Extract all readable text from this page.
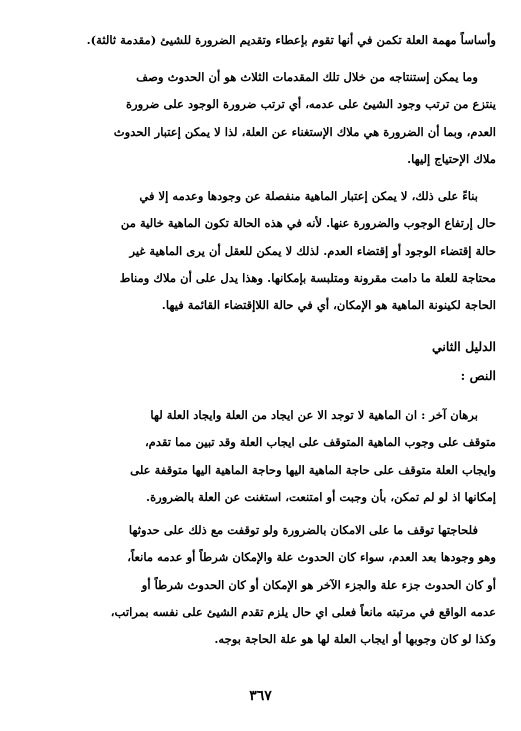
وأساساً مهمة العلة تكمن في أنها تقوم بإعطاء وتقديم الضرورة للشيئ (مقدمة ثالثة).
وما يمكن إستنتاجه من خلال تلك المقدمات الثلاث هو أن الحدوث وصف
ينتزع من ترتب وجود الشيئ على عدمه، أي ترتب ضرورة الوجود على ضرورة
العدم، وبما أن الضرورة هي ملاك الإستغناء عن العلة، لذا لا يمكن إعتبار الحدوث
ملاك الإحتياج إليها.
بناءً على ذلك، لا يمكن إعتبار الماهية منفصلة عن وجودها وعدمه إلا في
حال إرتفاع الوجوب والضرورة عنها. لأنه في هذه الحالة تكون الماهية خالية من
حالة إقتضاء الوجود أو إقتضاء العدم. لذلك لا يمكن للعقل أن يرى الماهية غير
محتاجة للعلة ما دامت مقرونة ومتلبسة بإمكانها. وهذا يدل على أن ملاك ومناط
الحاجة لكينونة الماهية هو الإمكان، أي في حالة اللاإقتضاء القائمة فيها.
الدليل الثاني
النص :
برهان آخر : ان الماهية لا توجد الا عن ايجاد من العلة وايجاد العلة لها
متوقف على وجوب الماهية المتوقف على ايجاب العلة وقد تبين مما تقدم،
وايجاب العلة متوقف على حاجة الماهية اليها وحاجة الماهية اليها متوقفة على
إمكانها اذ لو لم تمكن، بأن وجبت أو امتنعت، استغنت عن العلة بالضرورة.
فلحاجتها توقف ما على الامكان بالضرورة ولو توقفت مع ذلك على حدوثها
وهو وجودها بعد العدم، سواء كان الحدوث علة والإمكان شرطاً أو عدمه مانعاً،
أو كان الحدوث جزء علة والجزء الآخر هو الإمكان أو كان الحدوث شرطاً أو
عدمه الواقع في مرتبته مانعاً فعلى اي حال يلزم تقدم الشيئ على نفسه بمراتب،
وكذا لو كان وجوبها أو ايجاب العلة لها هو علة الحاجة بوجه.
٣٦٧
